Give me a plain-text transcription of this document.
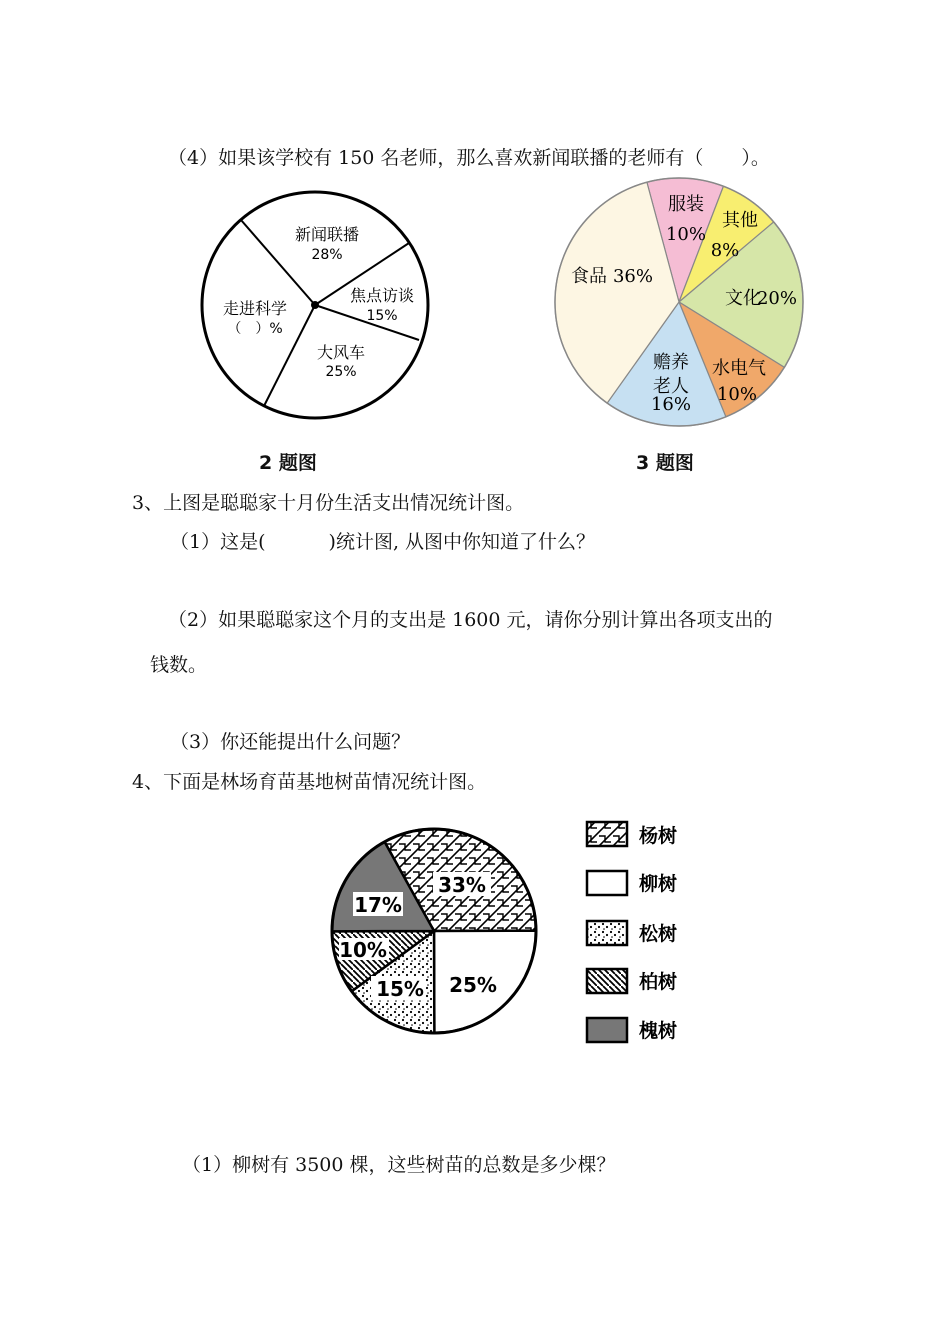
（4）如果该学校有 150 名老师，那么喜欢新闻联播的老师有（　　）。
新闻联播
28%
焦点访谈
15%
大风车
25%
走进科学
（　）%
服装
10%
其他
8%
文化
20%
水电气
10%
赡养
老人
16%
食品 36%
2 题图	3 题图
3、上图是聪聪家十月份生活支出情况统计图。
（1）这是(　　　 )统计图, 从图中你知道了什么？
（2）如果聪聪家这个月的支出是 1600 元，请你分别计算出各项支出的
钱数。
（3）你还能提出什么问题？
4、下面是林场育苗基地树苗情况统计图。
33%
25%
15%
10%
17%
杨树
柳树
松树
柏树
槐树
（1）柳树有 3500 棵，这些树苗的总数是多少棵？
